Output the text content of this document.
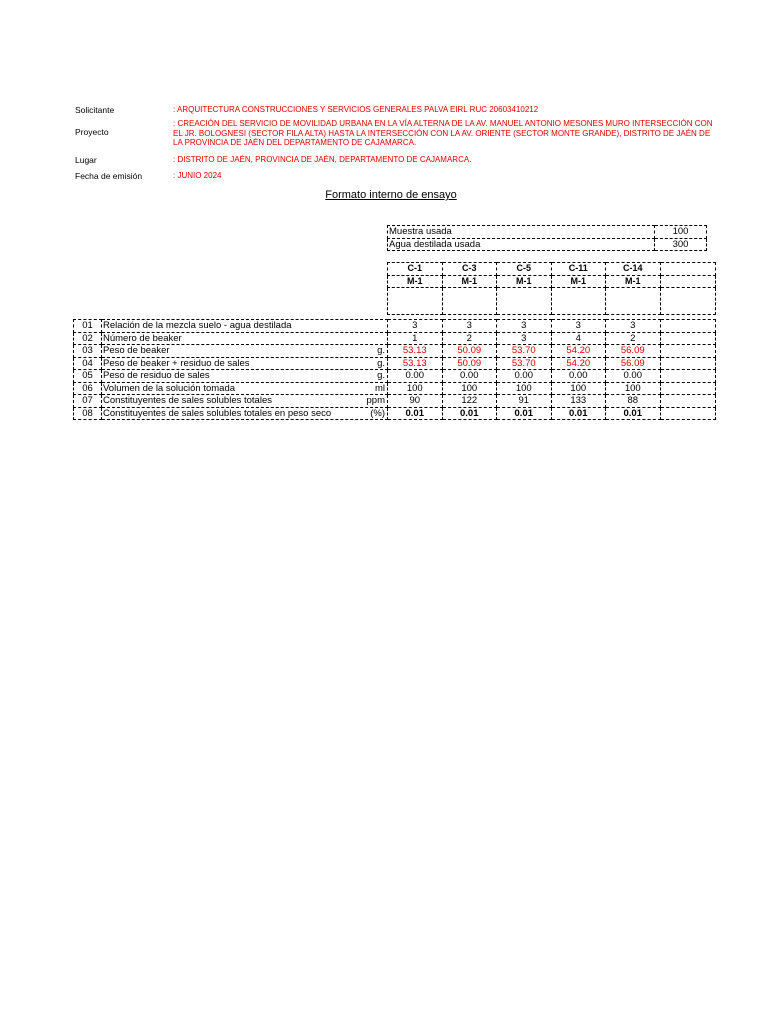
Solicitante	: ARQUITECTURA CONSTRUCCIONES Y SERVICIOS GENERALES PALVA EIRL RUC 20603410212
Proyecto
: CREACIÓN DEL SERVICIO DE MOVILIDAD URBANA EN LA VÍA ALTERNA DE LA AV. MANUEL ANTONIO MESONES MURO INTERSECCIÓN CON EL JR. BOLOGNESI (SECTOR FILA ALTA) HASTA LA INTERSECCIÓN CON LA AV. ORIENTE (SECTOR MONTE GRANDE), DISTRITO DE JAÉN DE LA PROVINCIA DE JAÉN DEL DEPARTAMENTO DE CAJAMARCA.
Lugar	: DISTRITO DE JAÉN, PROVINCIA DE JAÉN, DEPARTAMENTO DE CAJAMARCA.
Fecha de emisión	: JUNIO 2024
Formato interno de ensayo
Muestra usada	100
Agua destilada usada	300
C-1	C-3	C-5	C-11	C-14	
M-1	M-1	M-1	M-1	M-1	

01	Relación de la mezcla suelo - agua destilada	3	3	3	3	3	
02	Número de beaker	1	2	3	4	2	
03	Peso de beaker g.	53.13	50.09	53.70	54.20	56.09	
04	Peso de beaker + residuo de sales g.	53.13	50.09	53.70	54.20	56.09	
05	Peso de residuo de sales g.	0.00	0.00	0.00	0.00	0.00	
06	Volumen de la solución tomada ml	100	100	100	100	100	
07	Constituyentes de sales solubles totales ppm	90	122	91	133	88	
08	Constituyentes de sales solubles totales en peso seco (%)	0.01	0.01	0.01	0.01	0.01	
